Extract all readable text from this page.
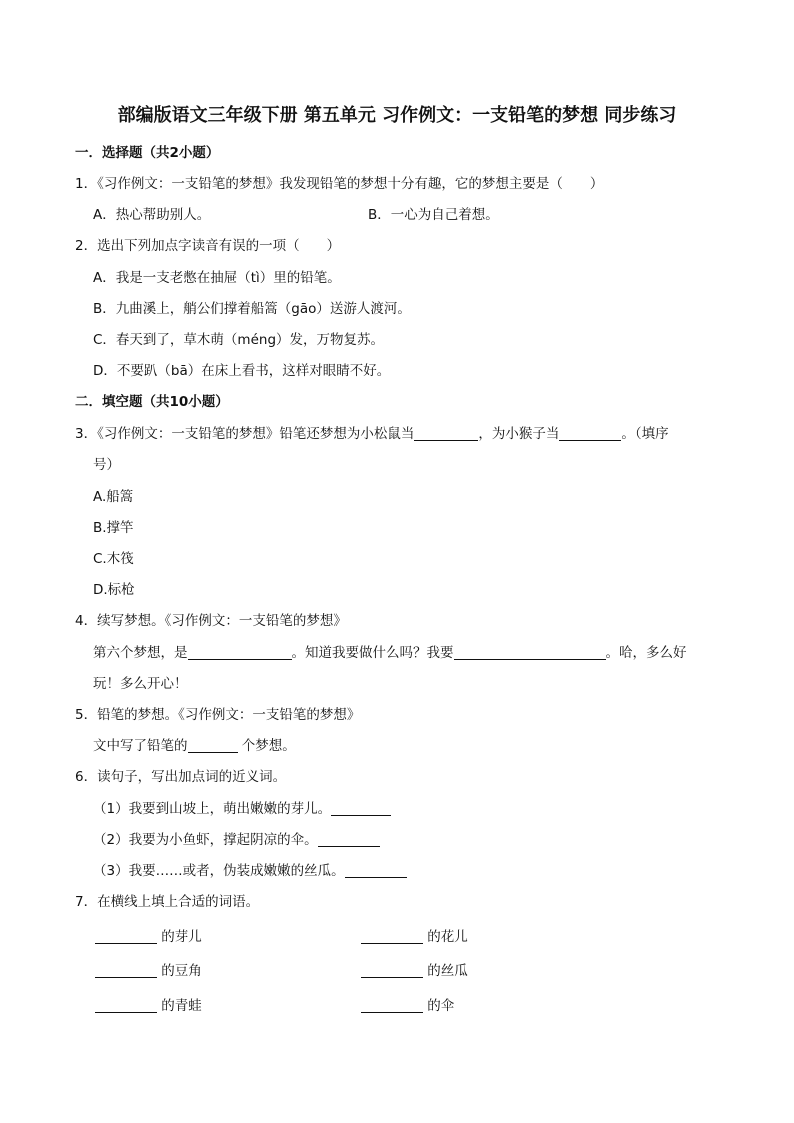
部编版语文三年级下册 第五单元 习作例文：一支铅笔的梦想 同步练习
一．选择题（共2小题）
1．《习作例文：一支铅笔的梦想》我发现铅笔的梦想十分有趣，它的梦想主要是（　　）
A．热心帮助别人。	B．一心为自己着想。
2．选出下列加点字读音有误的一项（　　）
A．我是一支老憋在抽屉（tì）里的铅笔。
B．九曲溪上，艄公们撑着船篙（gāo）送游人渡河。
C．春天到了，草木萌（méng）发，万物复苏。
D．不要趴（bā）在床上看书，这样对眼睛不好。
二．填空题（共10小题）
3．《习作例文：一支铅笔的梦想》铅笔还梦想为小松鼠当	，为小猴子当	。（填序
号）
A.船篙
B.撑竿
C.木筏
D.标枪
4．续写梦想。《习作例文：一支铅笔的梦想》
第六个梦想，是	。知道我要做什么吗？我要	。哈，多么好
玩！多么开心！
5．铅笔的梦想。《习作例文：一支铅笔的梦想》
文中写了铅笔的	个梦想。
6．读句子，写出加点词的近义词。
（1）我要到山坡上，萌出嫩嫩的芽儿。
（2）我要为小鱼虾，撑起阴凉的伞。
（3）我要……或者，伪装成嫩嫩的丝瓜。
7．在横线上填上合适的词语。
的芽儿	的花儿
的豆角	的丝瓜
的青蛙	的伞
